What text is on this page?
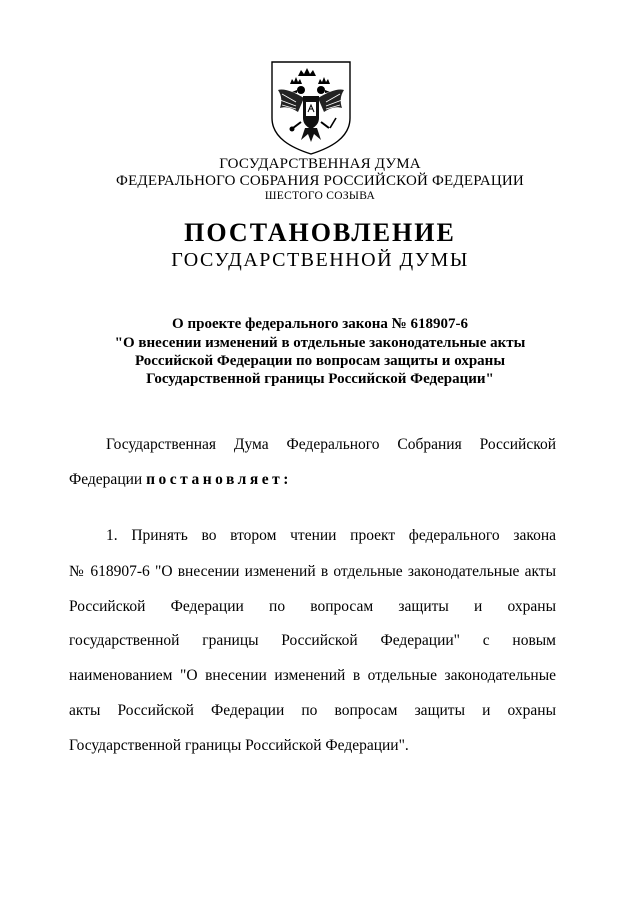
ГОСУДАРСТВЕННАЯ ДУМА
ФЕДЕРАЛЬНОГО СОБРАНИЯ РОССИЙСКОЙ ФЕДЕРАЦИИ
ШЕСТОГО СОЗЫВА
ПОСТАНОВЛЕНИЕ
ГОСУДАРСТВЕННОЙ ДУМЫ
О проекте федерального закона № 618907-6
"О внесении изменений в отдельные законодательные акты
Российской Федерации по вопросам защиты и охраны
Государственной границы Российской Федерации"
Государственная Дума Федерального Собрания Российской
Федерации постановляет:
1. Принять во втором чтении проект федерального закона
№ 618907-6 "О внесении изменений в отдельные законодательные акты
Российской Федерации по вопросам защиты и охраны
государственной границы Российской Федерации" с новым
наименованием "О внесении изменений в отдельные законодательные
акты Российской Федерации по вопросам защиты и охраны
Государственной границы Российской Федерации".
